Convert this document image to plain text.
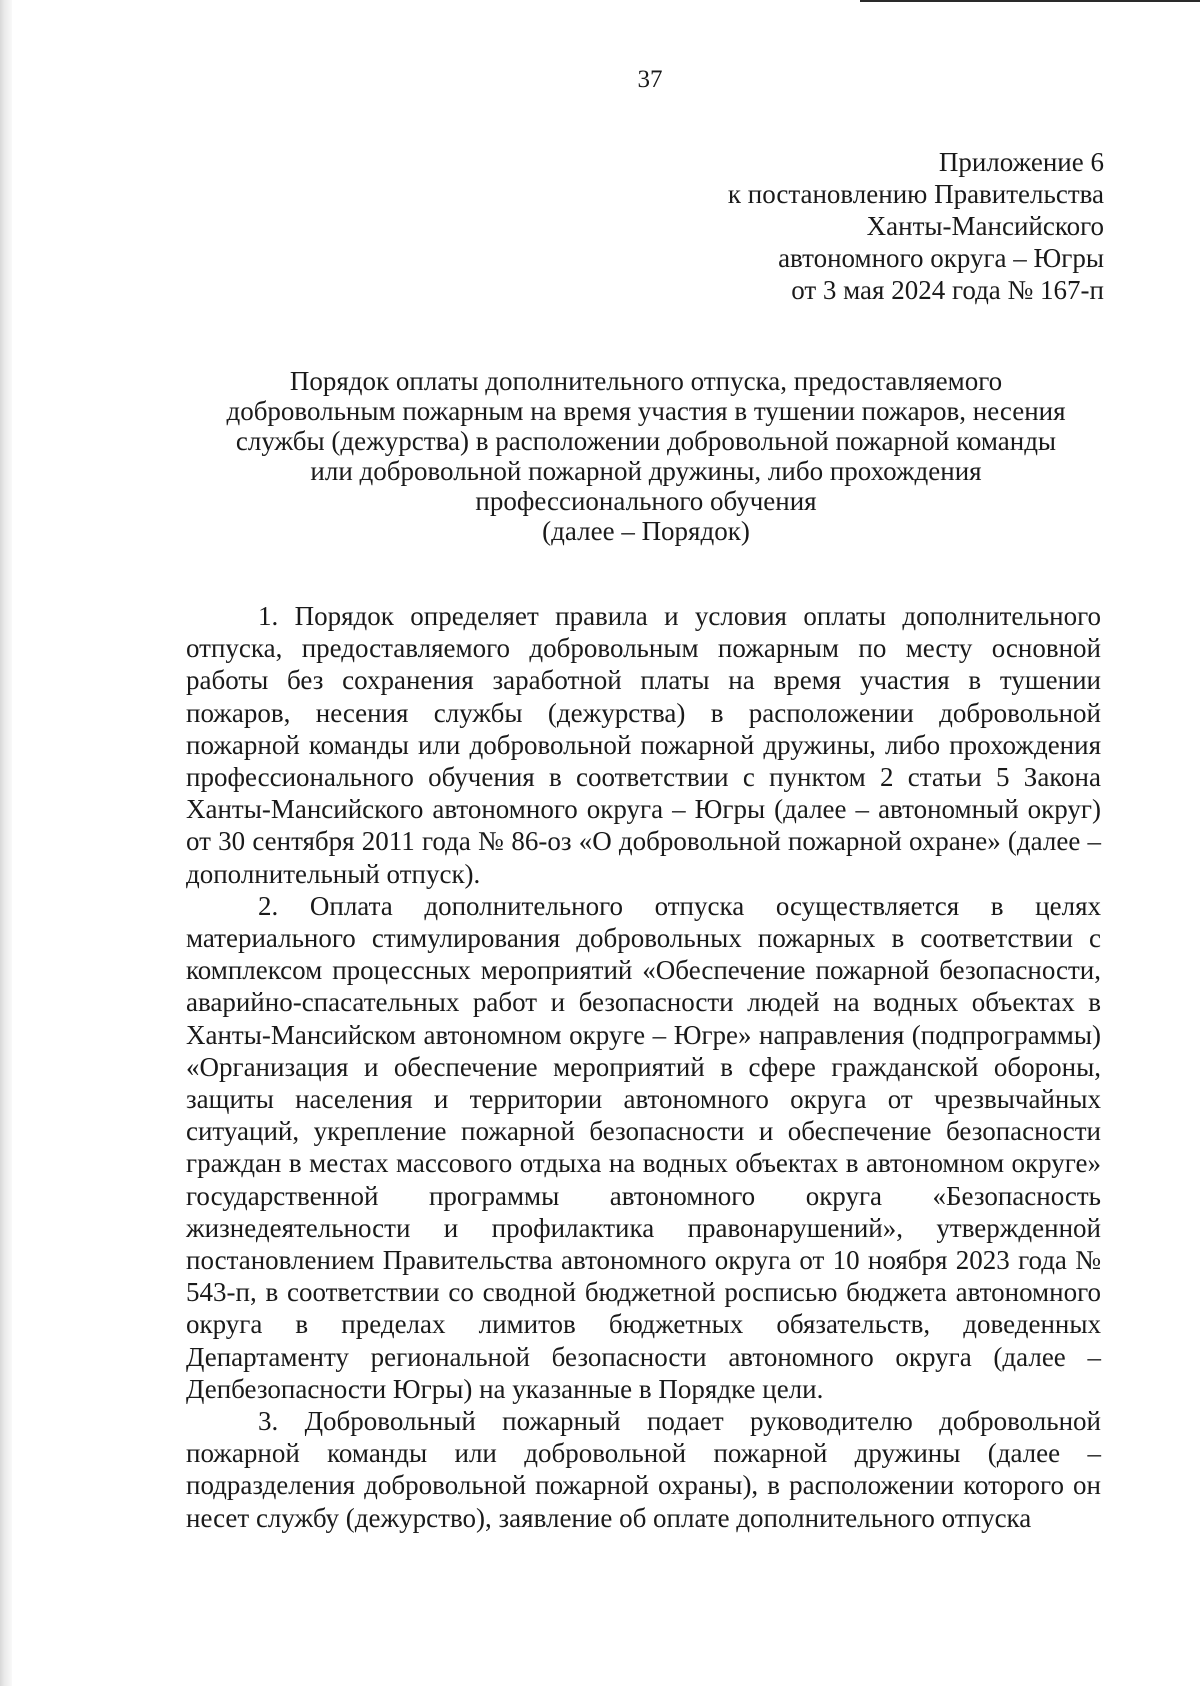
37
Приложение 6
к постановлению Правительства
Ханты-Мансийского
автономного округа – Югры
от 3 мая 2024 года № 167-п
Порядок оплаты дополнительного отпуска, предоставляемого
добровольным пожарным на время участия в тушении пожаров, несения
службы (дежурства) в расположении добровольной пожарной команды
или добровольной пожарной дружины, либо прохождения
профессионального обучения
(далее – Порядок)

1. Порядок определяет правила и условия оплаты дополнительного отпуска, предоставляемого добровольным пожарным по месту основной работы без сохранения заработной платы на время участия в тушении пожаров, несения службы (дежурства) в расположении добровольной пожарной команды или добровольной пожарной дружины, либо прохождения профессионального обучения в соответствии с пунктом 2 статьи 5 Закона Ханты-Мансийского автономного округа – Югры (далее – автономный округ) от 30 сентября 2011 года № 86-оз «О добровольной пожарной охране» (далее – дополнительный отпуск).

2. Оплата дополнительного отпуска осуществляется в целях материального стимулирования добровольных пожарных в соответствии с комплексом процессных мероприятий «Обеспечение пожарной безопасности, аварийно-спасательных работ и безопасности людей на водных объектах в Ханты-Мансийском автономном округе – Югре» направления (подпрограммы) «Организация и обеспечение мероприятий в сфере гражданской обороны, защиты населения и территории автономного округа от чрезвычайных ситуаций, укрепление пожарной безопасности и обеспечение безопасности граждан в местах массового отдыха на водных объектах в автономном округе» государственной программы автономного округа «Безопасность жизнедеятельности и профилактика правонарушений», утвержденной постановлением Правительства автономного округа от 10 ноября 2023 года № 543-п, в соответствии со сводной бюджетной росписью бюджета автономного округа в пределах лимитов бюджетных обязательств, доведенных Департаменту региональной безопасности автономного округа (далее – Депбезопасности Югры) на указанные в Порядке цели.

3. Добровольный пожарный подает руководителю добровольной пожарной команды или добровольной пожарной дружины (далее – подразделения добровольной пожарной охраны), в расположении которого он несет службу (дежурство), заявление об оплате дополнительного отпуска
